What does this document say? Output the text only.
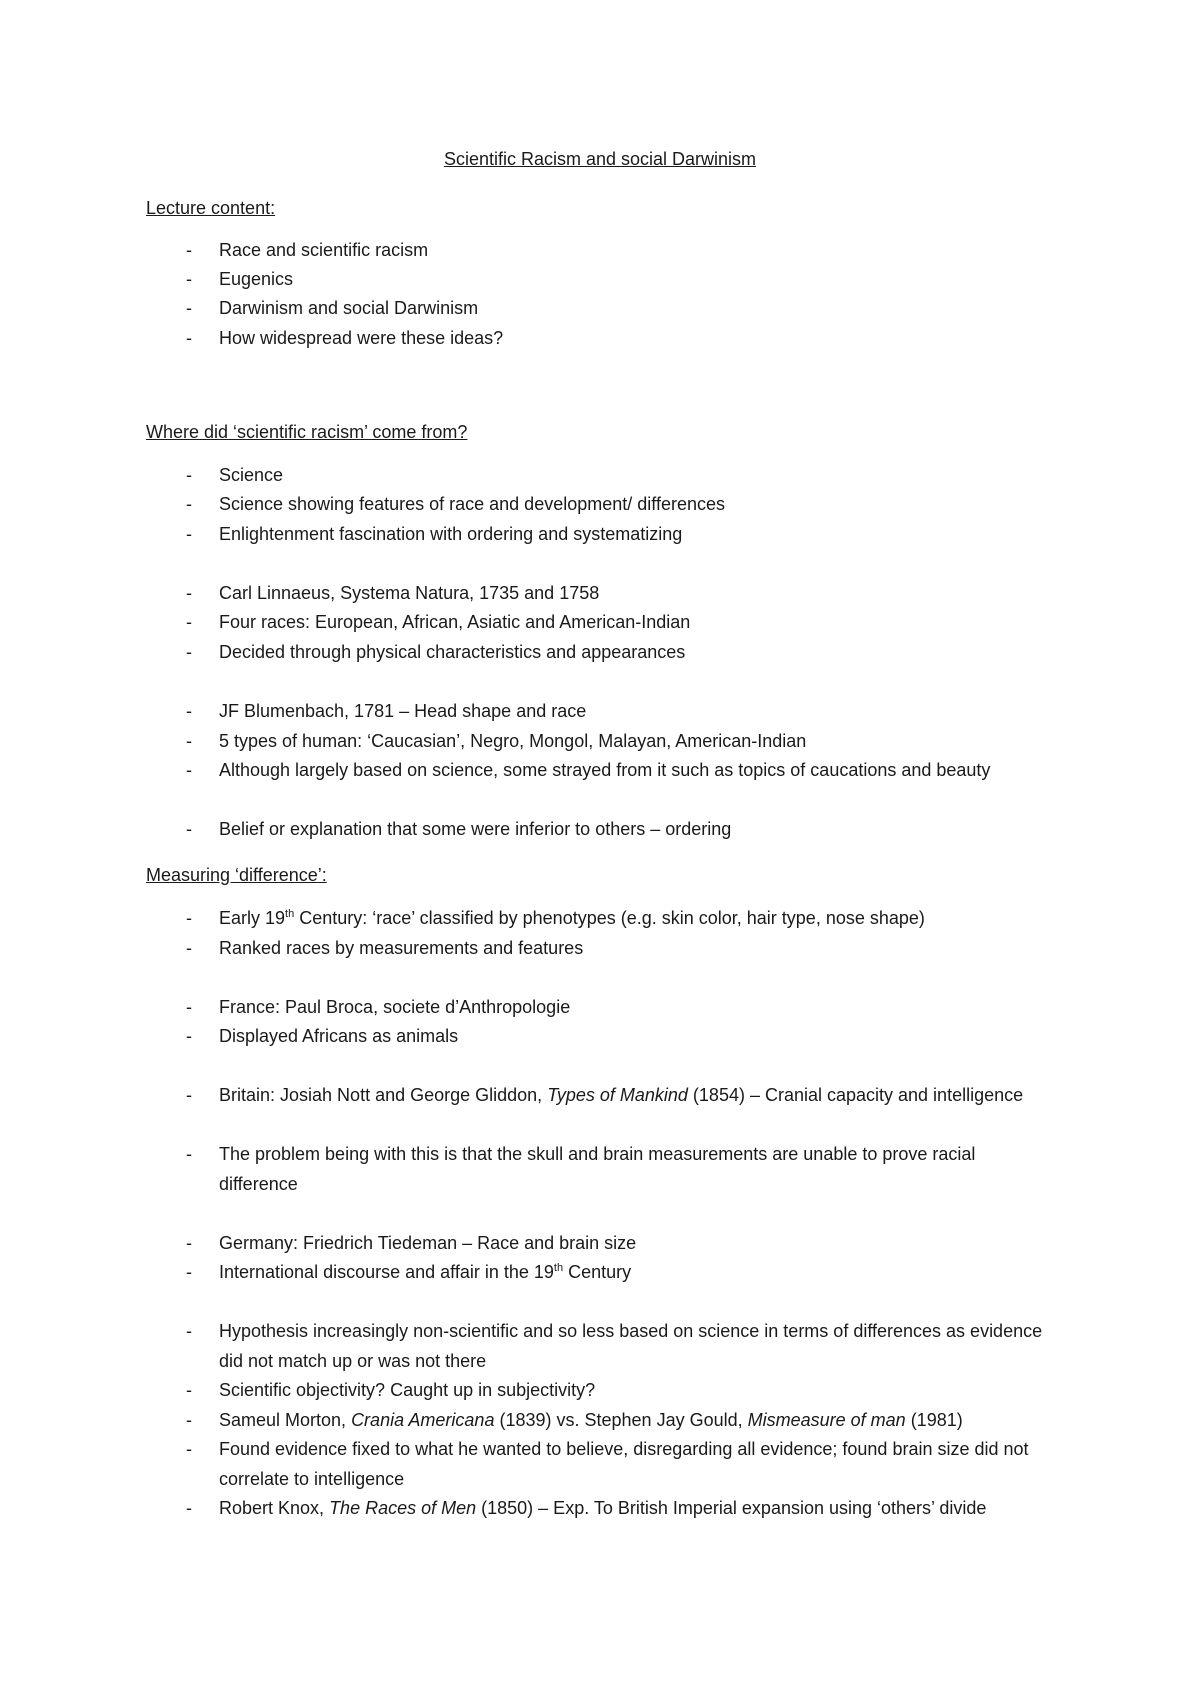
Scientific Racism and social Darwinism
Lecture content:
- Race and scientific racism
- Eugenics
- Darwinism and social Darwinism
- How widespread were these ideas?
Where did ‘scientific racism’ come from?
- Science
- Science showing features of race and development/ differences
- Enlightenment fascination with ordering and systematizing
- Carl Linnaeus, Systema Natura, 1735 and 1758
- Four races: European, African, Asiatic and American-Indian
- Decided through physical characteristics and appearances
- JF Blumenbach, 1781 – Head shape and race
- 5 types of human: ‘Caucasian’, Negro, Mongol, Malayan, American-Indian
- Although largely based on science, some strayed from it such as topics of caucations and beauty
- Belief or explanation that some were inferior to others – ordering
Measuring ‘difference’:
- Early 19th Century: ‘race’ classified by phenotypes (e.g. skin color, hair type, nose shape)
- Ranked races by measurements and features
- France: Paul Broca, societe d’Anthropologie
- Displayed Africans as animals
- Britain: Josiah Nott and George Gliddon, Types of Mankind (1854) – Cranial capacity and intelligence
- The problem being with this is that the skull and brain measurements are unable to prove racial difference
- Germany: Friedrich Tiedeman – Race and brain size
- International discourse and affair in the 19th Century
- Hypothesis increasingly non-scientific and so less based on science in terms of differences as evidence did not match up or was not there
- Scientific objectivity? Caught up in subjectivity?
- Sameul Morton, Crania Americana (1839) vs. Stephen Jay Gould, Mismeasure of man (1981)
- Found evidence fixed to what he wanted to believe, disregarding all evidence; found brain size did not correlate to intelligence
- Robert Knox, The Races of Men (1850) – Exp. To British Imperial expansion using ‘others’ divide
